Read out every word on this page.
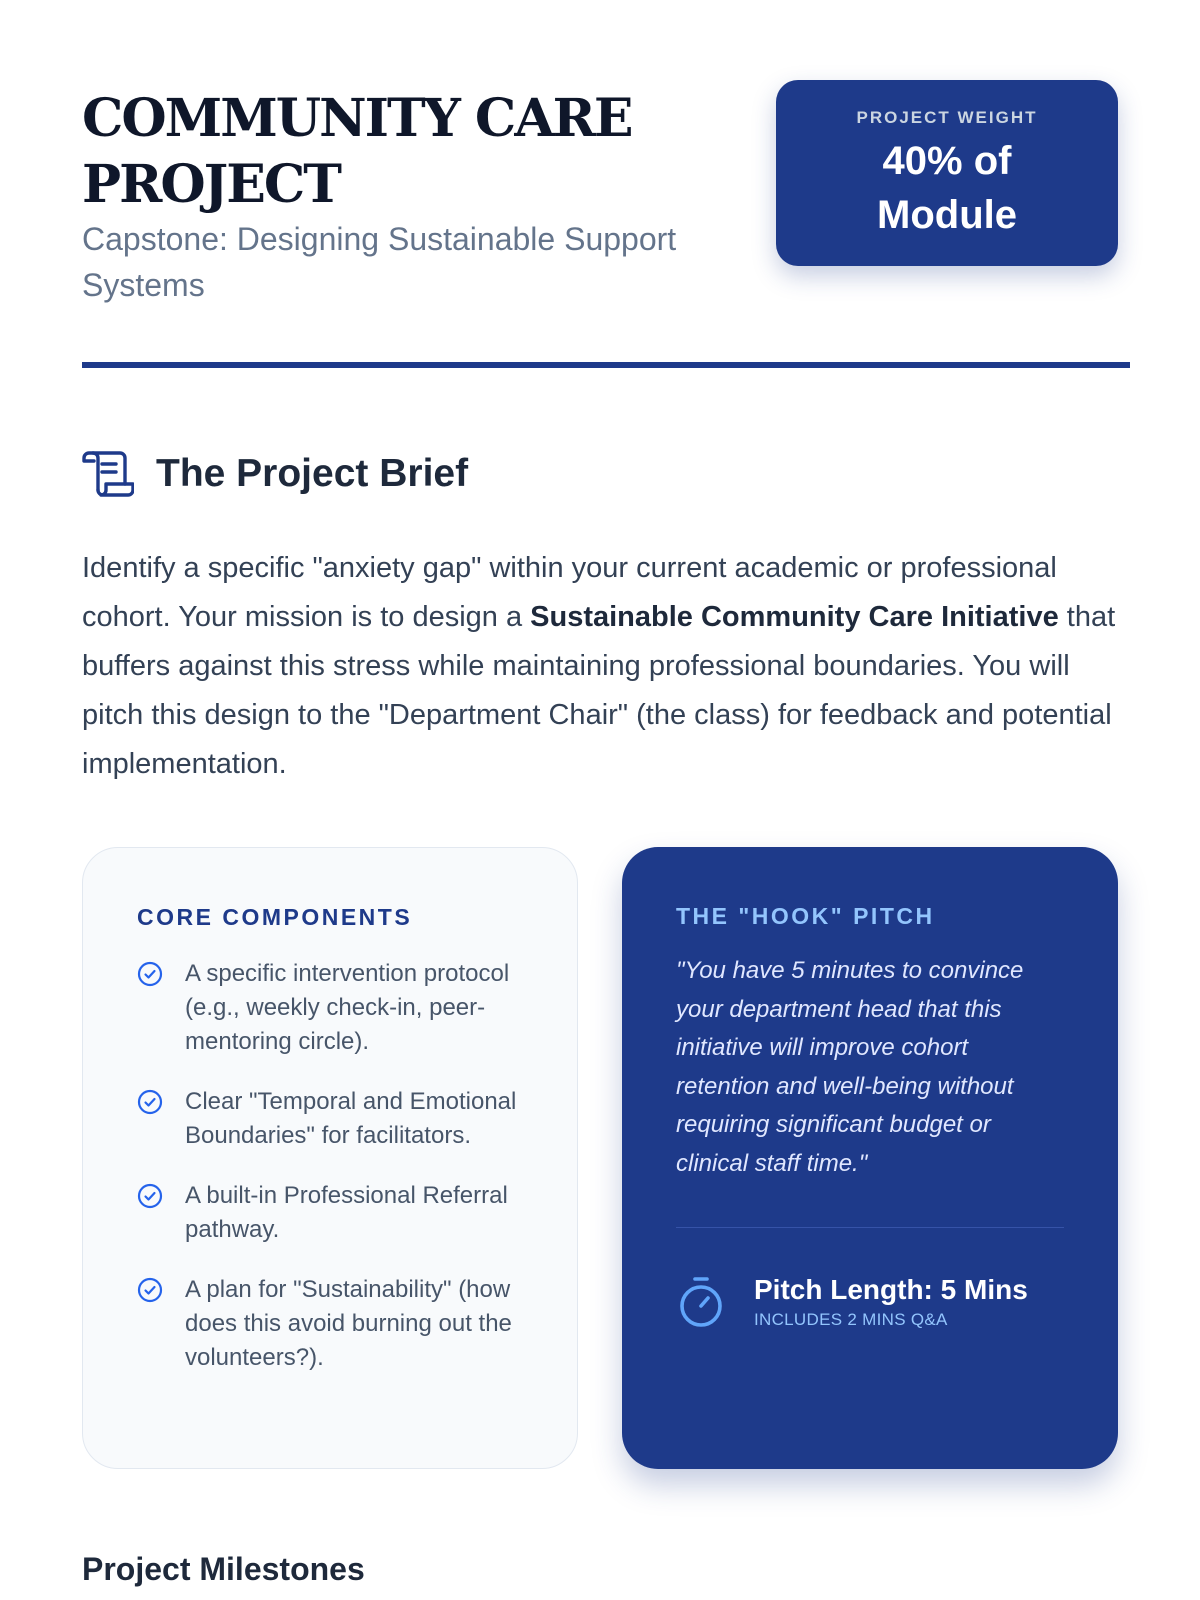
COMMUNITY CARE
PROJECT
Capstone: Designing Sustainable Support Systems
PROJECT WEIGHT
40% of
Module
The Project Brief

Identify a specific "anxiety gap" within your current academic or professional cohort. Your mission is to design a Sustainable Community Care Initiative that buffers against this stress while maintaining professional boundaries. You will pitch this design to the "Department Chair" (the class) for feedback and potential implementation.

CORE COMPONENTS
A specific intervention protocol (e.g., weekly check-in, peer-mentoring circle).
Clear "Temporal and Emotional Boundaries" for facilitators.
A built-in Professional Referral pathway.
A plan for "Sustainability" (how does this avoid burning out the volunteers?).
THE "HOOK" PITCH

"You have 5 minutes to convince your department head that this initiative will improve cohort retention and well-being without requiring significant budget or clinical staff time."

Pitch Length: 5 Mins
INCLUDES 2 MINS Q&A
Project Milestones
